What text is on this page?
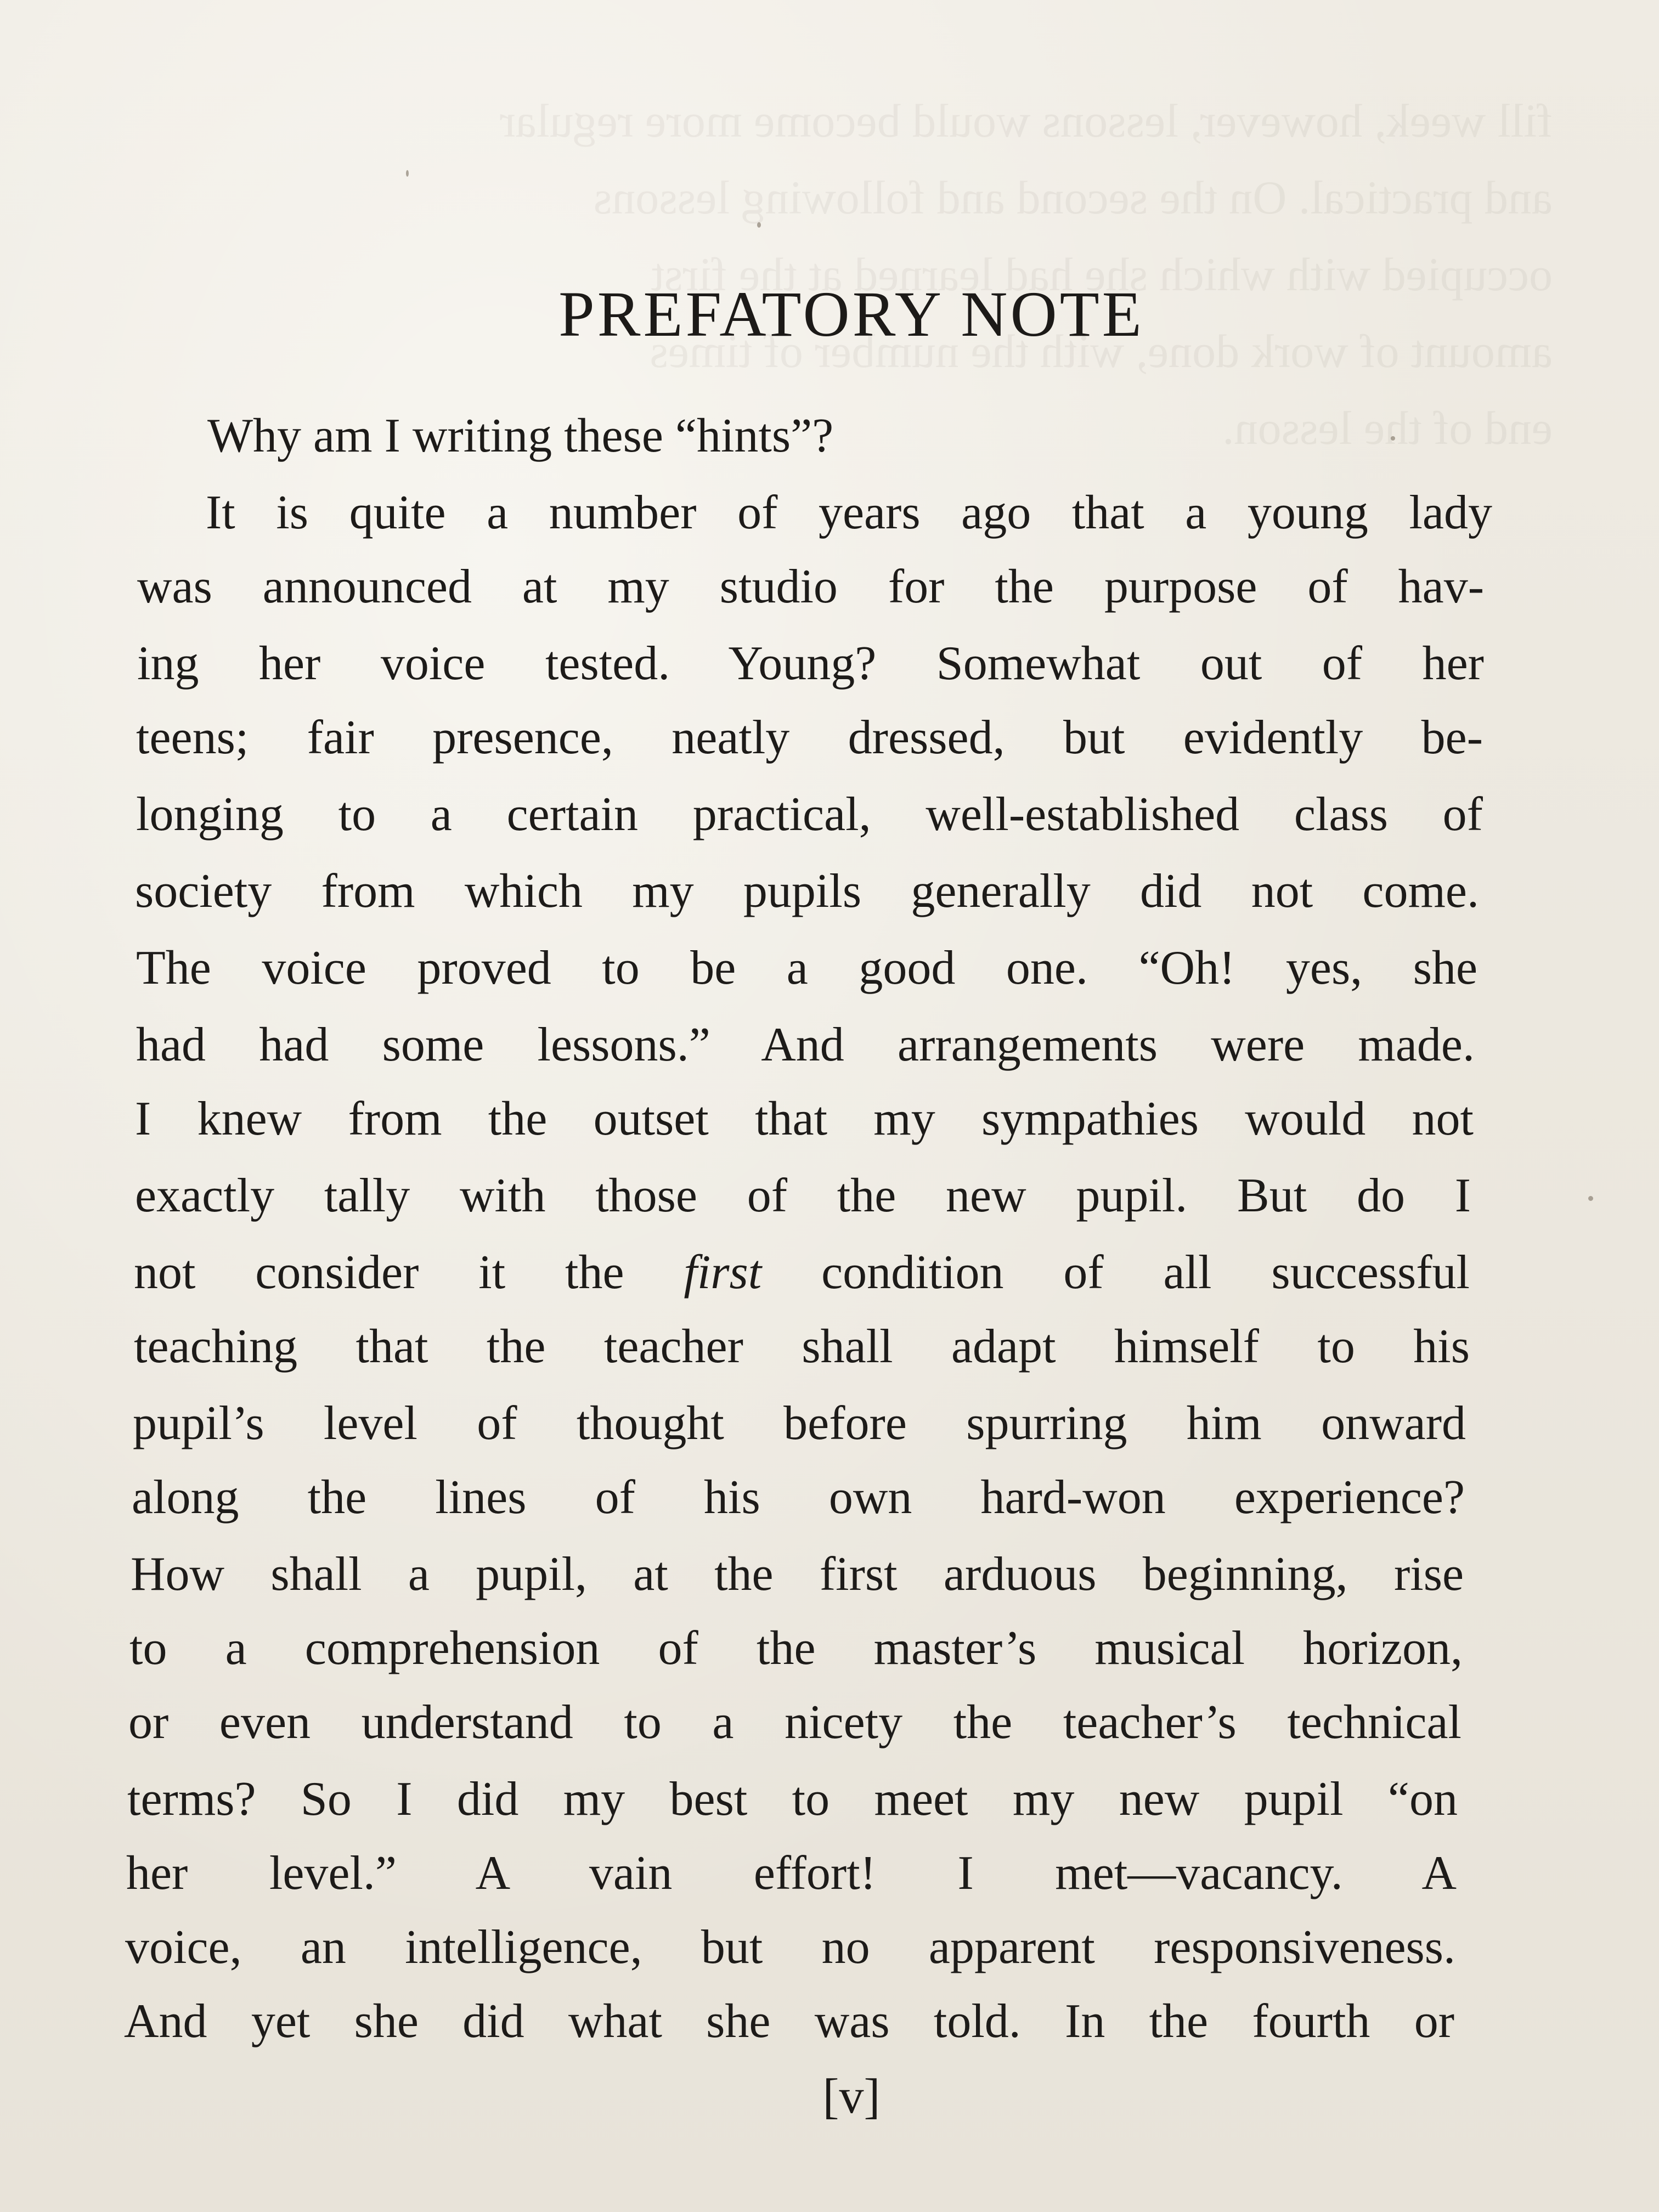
fill week, however, lessons would become more regular
and practical. On the second and following lessons
occupied with which she had learned at the first
amount of work done, with the number of times
end of the lesson.
PREFATORY NOTE
Why am I writing these “hints”?
It is quite a number of years ago that a young lady
was announced at my studio for the purpose of hav-
ing her voice tested. Young? Somewhat out of her
teens; fair presence, neatly dressed, but evidently be-
longing to a certain practical, well-established class of
society from which my pupils generally did not come.
The voice proved to be a good one. “Oh! yes, she
had had some lessons.” And arrangements were made.
I knew from the outset that my sympathies would not
exactly tally with those of the new pupil. But do I
not consider it the first condition of all successful
teaching that the teacher shall adapt himself to his
pupil’s level of thought before spurring him onward
along the lines of his own hard-won experience?
How shall a pupil, at the first arduous beginning, rise
to a comprehension of the master’s musical horizon,
or even understand to a nicety the teacher’s technical
terms? So I did my best to meet my new pupil “on
her level.” A vain effort! I met—vacancy. A
voice, an intelligence, but no apparent responsiveness.
And yet she did what she was told. In the fourth or
[v]
